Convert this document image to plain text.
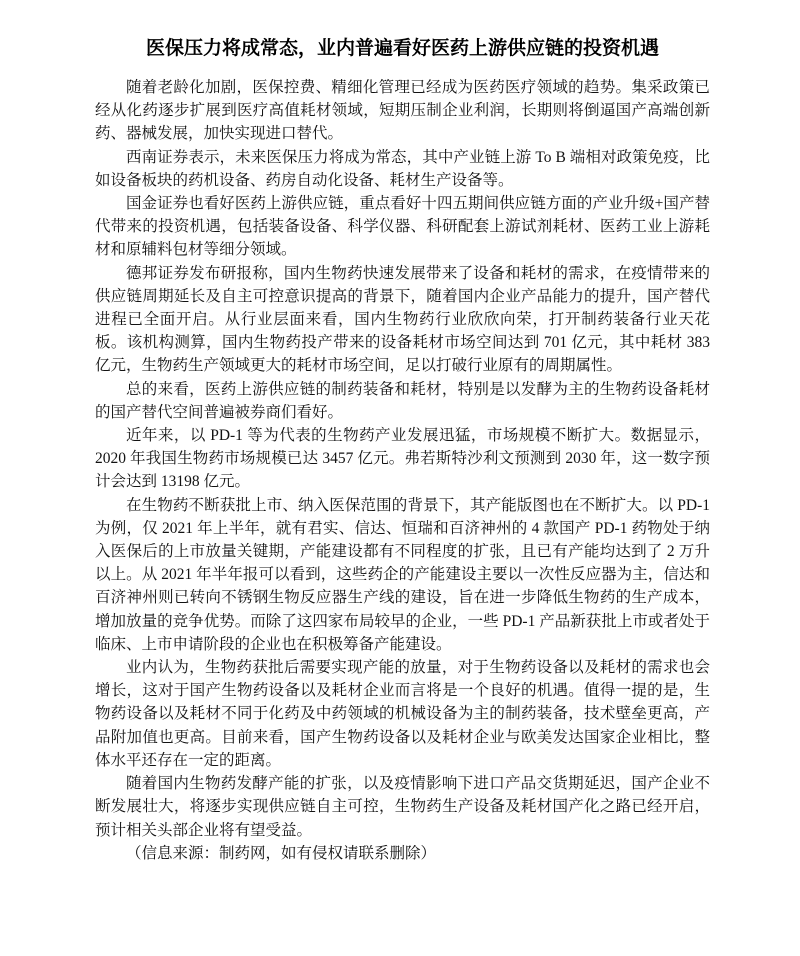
医保压力将成常态，业内普遍看好医药上游供应链的投资机遇

随着老龄化加剧，医保控费、精细化管理已经成为医药医疗领域的趋势。集采政策已经从化药逐步扩展到医疗高值耗材领域，短期压制企业利润，长期则将倒逼国产高端创新药、器械发展，加快实现进口替代。

西南证券表示，未来医保压力将成为常态，其中产业链上游 To B 端相对政策免疫，比如设备板块的药机设备、药房自动化设备、耗材生产设备等。

国金证券也看好医药上游供应链，重点看好十四五期间供应链方面的产业升级+国产替代带来的投资机遇，包括装备设备、科学仪器、科研配套上游试剂耗材、医药工业上游耗材和原辅料包材等细分领域。

德邦证券发布研报称，国内生物药快速发展带来了设备和耗材的需求，在疫情带来的供应链周期延长及自主可控意识提高的背景下，随着国内企业产品能力的提升，国产替代进程已全面开启。从行业层面来看，国内生物药行业欣欣向荣，打开制药装备行业天花板。该机构测算，国内生物药投产带来的设备耗材市场空间达到 701 亿元，其中耗材 383 亿元，生物药生产领域更大的耗材市场空间，足以打破行业原有的周期属性。

总的来看，医药上游供应链的制药装备和耗材，特别是以发酵为主的生物药设备耗材的国产替代空间普遍被券商们看好。

近年来，以 PD-1 等为代表的生物药产业发展迅猛，市场规模不断扩大。数据显示，2020 年我国生物药市场规模已达 3457 亿元。弗若斯特沙利文预测到 2030 年，这一数字预计会达到 13198 亿元。

在生物药不断获批上市、纳入医保范围的背景下，其产能版图也在不断扩大。以 PD-1 为例，仅 2021 年上半年，就有君实、信达、恒瑞和百济神州的 4 款国产 PD-1 药物处于纳入医保后的上市放量关键期，产能建设都有不同程度的扩张，且已有产能均达到了 2 万升以上。从 2021 年半年报可以看到，这些药企的产能建设主要以一次性反应器为主，信达和百济神州则已转向不锈钢生物反应器生产线的建设，旨在进一步降低生物药的生产成本，增加放量的竞争优势。而除了这四家布局较早的企业，一些 PD-1 产品新获批上市或者处于临床、上市申请阶段的企业也在积极筹备产能建设。

业内认为，生物药获批后需要实现产能的放量，对于生物药设备以及耗材的需求也会增长，这对于国产生物药设备以及耗材企业而言将是一个良好的机遇。值得一提的是，生物药设备以及耗材不同于化药及中药领域的机械设备为主的制药装备，技术壁垒更高，产品附加值也更高。目前来看，国产生物药设备以及耗材企业与欧美发达国家企业相比，整体水平还存在一定的距离。

随着国内生物药发酵产能的扩张，以及疫情影响下进口产品交货期延迟，国产企业不断发展壮大，将逐步实现供应链自主可控，生物药生产设备及耗材国产化之路已经开启，预计相关头部企业将有望受益。

（信息来源：制药网，如有侵权请联系删除）
